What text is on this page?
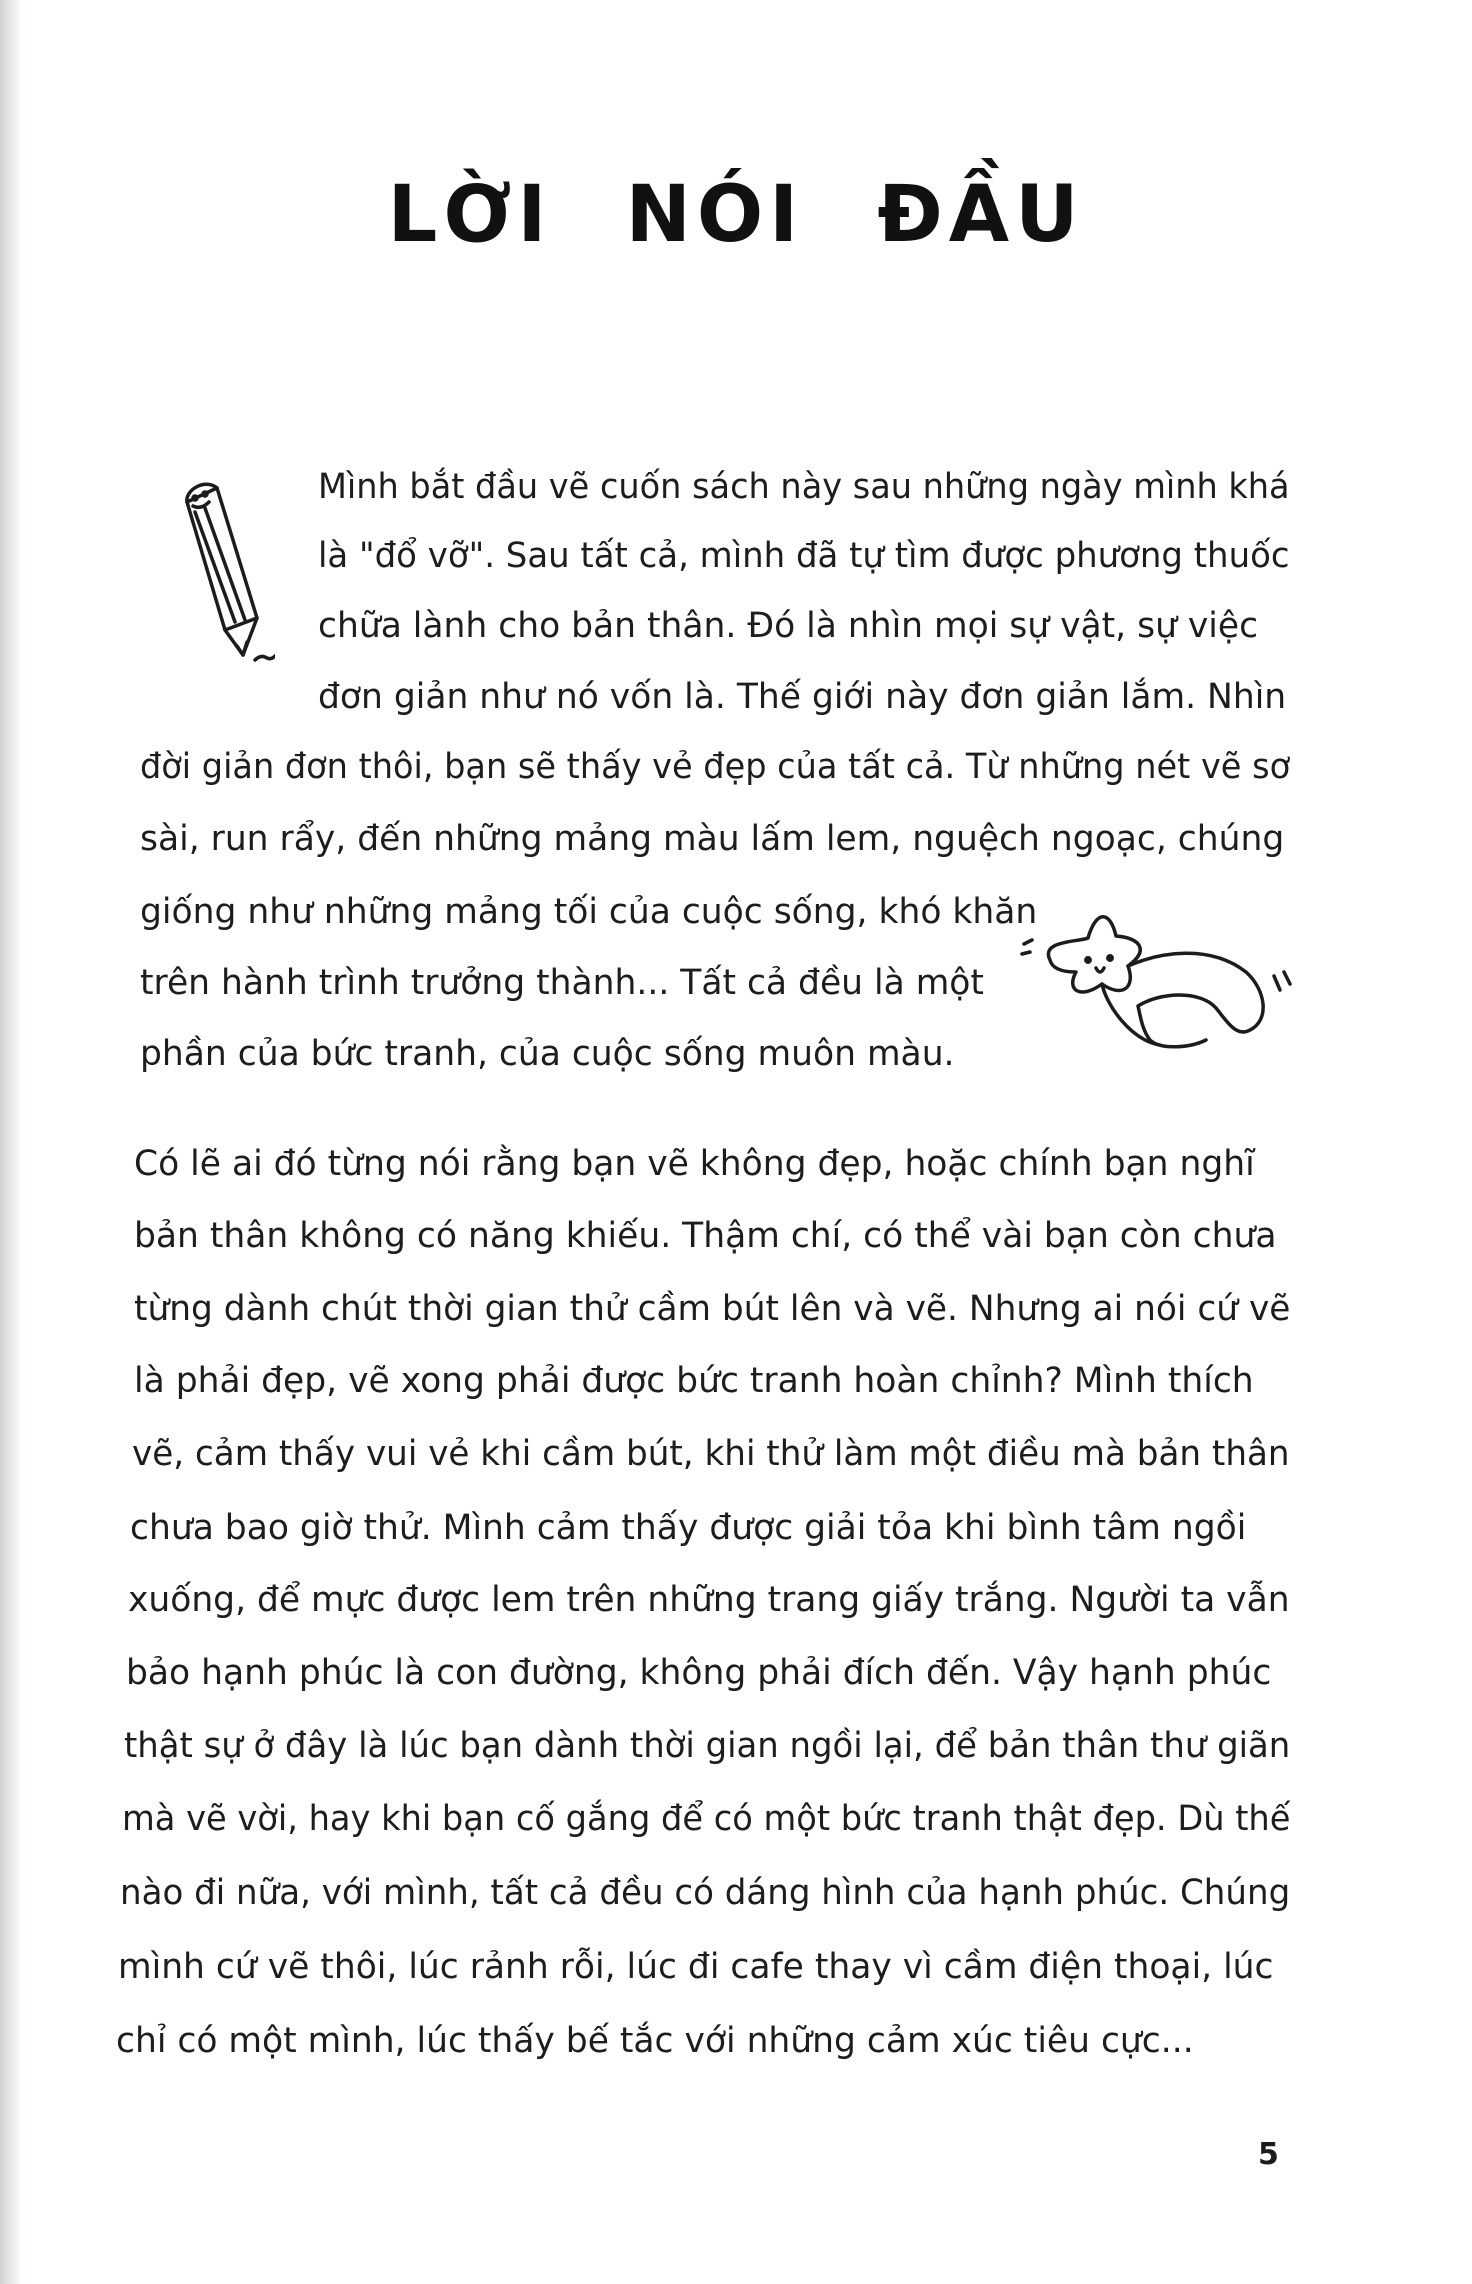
LỜI NÓI ĐẦU

Mình bắt đầu vẽ cuốn sách này sau những ngày mình khá

là "đổ vỡ". Sau tất cả, mình đã tự tìm được phương thuốc

chữa lành cho bản thân. Đó là nhìn mọi sự vật, sự việc

đơn giản như nó vốn là. Thế giới này đơn giản lắm. Nhìn

đời giản đơn thôi, bạn sẽ thấy vẻ đẹp của tất cả. Từ những nét vẽ sơ

sài, run rẩy, đến những mảng màu lấm lem, nguệch ngoạc, chúng

giống như những mảng tối của cuộc sống, khó khăn

trên hành trình trưởng thành... Tất cả đều là một

phần của bức tranh, của cuộc sống muôn màu.

Có lẽ ai đó từng nói rằng bạn vẽ không đẹp, hoặc chính bạn nghĩ

bản thân không có năng khiếu. Thậm chí, có thể vài bạn còn chưa

từng dành chút thời gian thử cầm bút lên và vẽ. Nhưng ai nói cứ vẽ

là phải đẹp, vẽ xong phải được bức tranh hoàn chỉnh? Mình thích

vẽ, cảm thấy vui vẻ khi cầm bút, khi thử làm một điều mà bản thân

chưa bao giờ thử. Mình cảm thấy được giải tỏa khi bình tâm ngồi

xuống, để mực được lem trên những trang giấy trắng. Người ta vẫn

bảo hạnh phúc là con đường, không phải đích đến. Vậy hạnh phúc

thật sự ở đây là lúc bạn dành thời gian ngồi lại, để bản thân thư giãn

mà vẽ vời, hay khi bạn cố gắng để có một bức tranh thật đẹp. Dù thế

nào đi nữa, với mình, tất cả đều có dáng hình của hạnh phúc. Chúng

mình cứ vẽ thôi, lúc rảnh rỗi, lúc đi cafe thay vì cầm điện thoại, lúc

chỉ có một mình, lúc thấy bế tắc với những cảm xúc tiêu cực...

5
